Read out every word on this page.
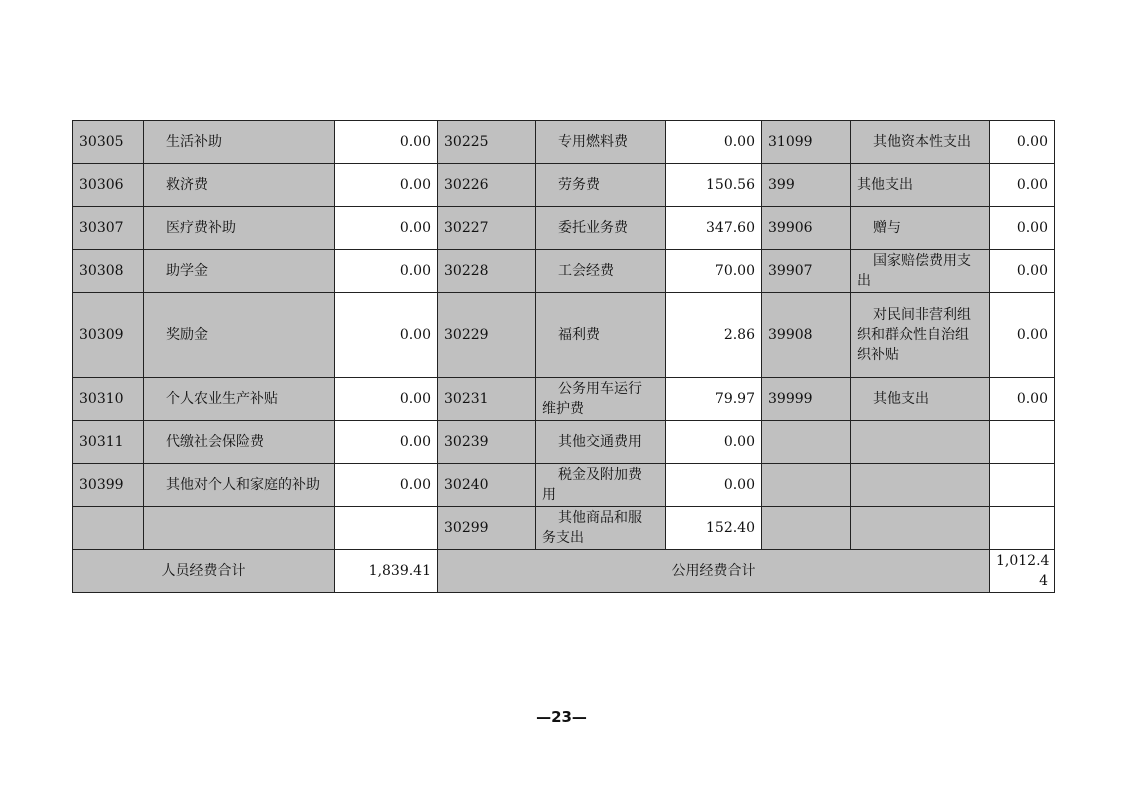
30305	生活补助	0.00	30225	专用燃料费	0.00	31099	其他资本性支出	0.00
30306	救济费	0.00	30226	劳务费	150.56	399	其他支出	0.00
30307	医疗费补助	0.00	30227	委托业务费	347.60	39906	赠与	0.00
30308	助学金	0.00	30228	工会经费	70.00	39907	国家赔偿费用支
出	0.00
30309	奖励金	0.00	30229	福利费	2.86	39908	对民间非营利组
织和群众性自治组
织补贴	0.00
30310	个人农业生产补贴	0.00	30231	公务用车运行
维护费	79.97	39999	其他支出	0.00
30311	代缴社会保险费	0.00	30239	其他交通费用	0.00			
30399	其他对个人和家庭的补助	0.00	30240	税金及附加费
用	0.00			
			30299	其他商品和服
务支出	152.40			
人员经费合计		1,839.41	公用经费合计					1,012.4
4
—23—
